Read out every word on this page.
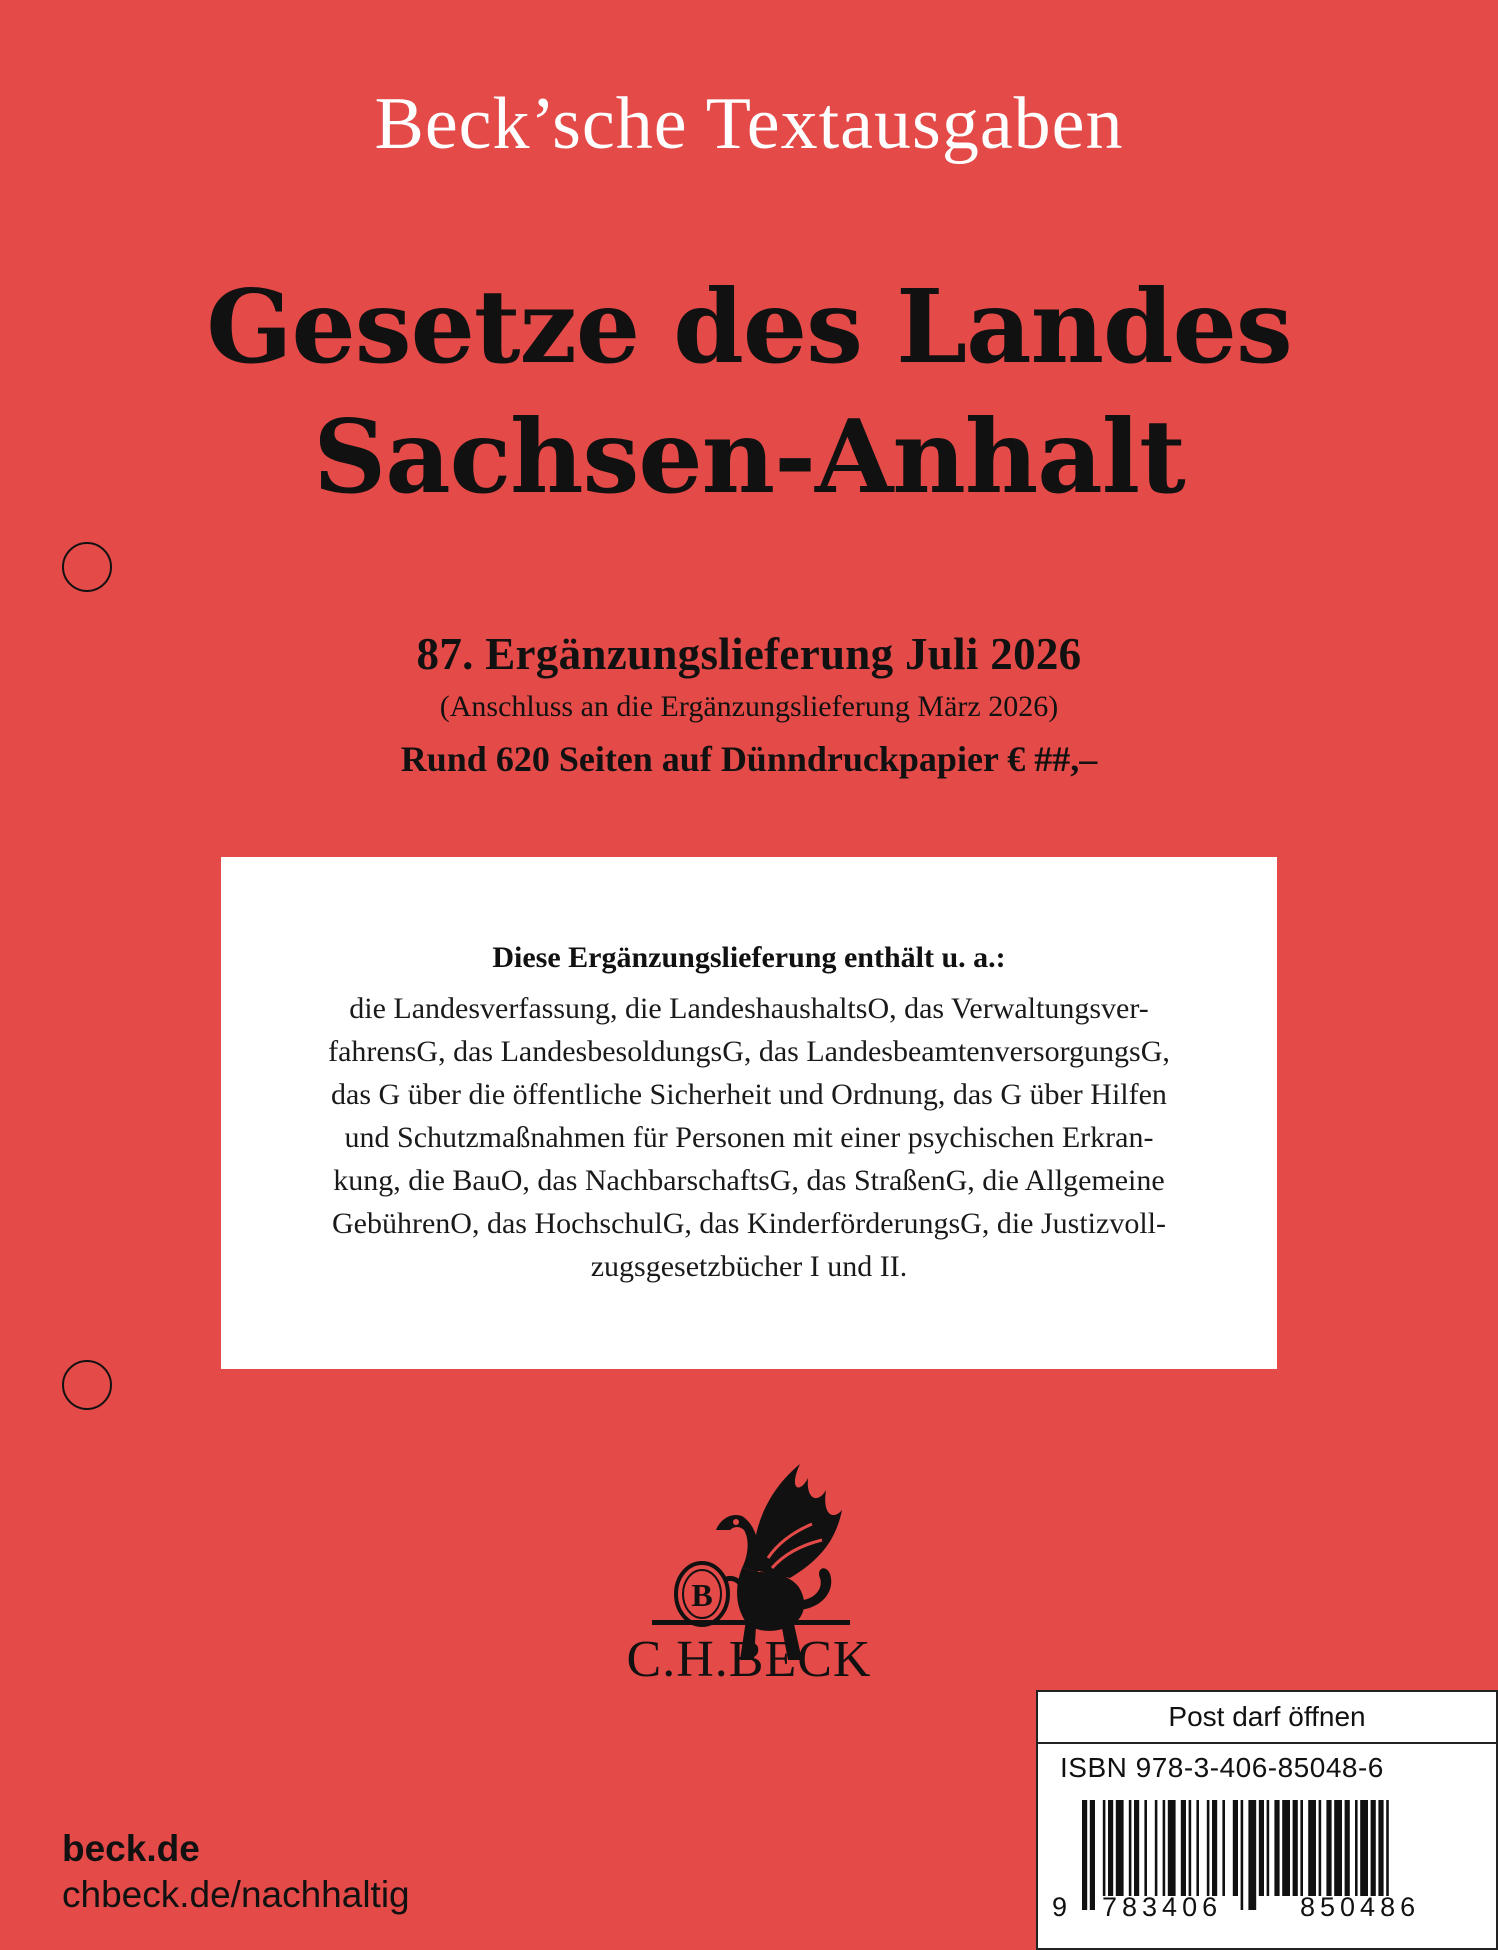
Beck’sche Textausgaben
Gesetze des Landes
Sachsen-Anhalt
87. Ergänzungslieferung Juli 2026
(Anschluss an die Ergänzungslieferung März 2026)
Rund 620 Seiten auf Dünndruckpapier € ##,–
Diese Ergänzungslieferung enthält u. a.:
die Landesverfassung, die LandeshaushaltsO, das Verwaltungsver-
fahrensG, das LandesbesoldungsG, das LandesbeamtenversorgungsG,
das G über die öffentliche Sicherheit und Ordnung, das G über Hilfen
und Schutzmaßnahmen für Personen mit einer psychischen Erkran-
kung, die BauO, das NachbarschaftsG, das StraßenG, die Allgemeine
GebührenO, das HochschulG, das KinderförderungsG, die Justizvoll-
zugsgesetzbücher I und II.
B
C.H.BECK
beck.de
chbeck.de/nachhaltig
Post darf öffnen
ISBN 978-3-406-85048-6
9 783406	850486
